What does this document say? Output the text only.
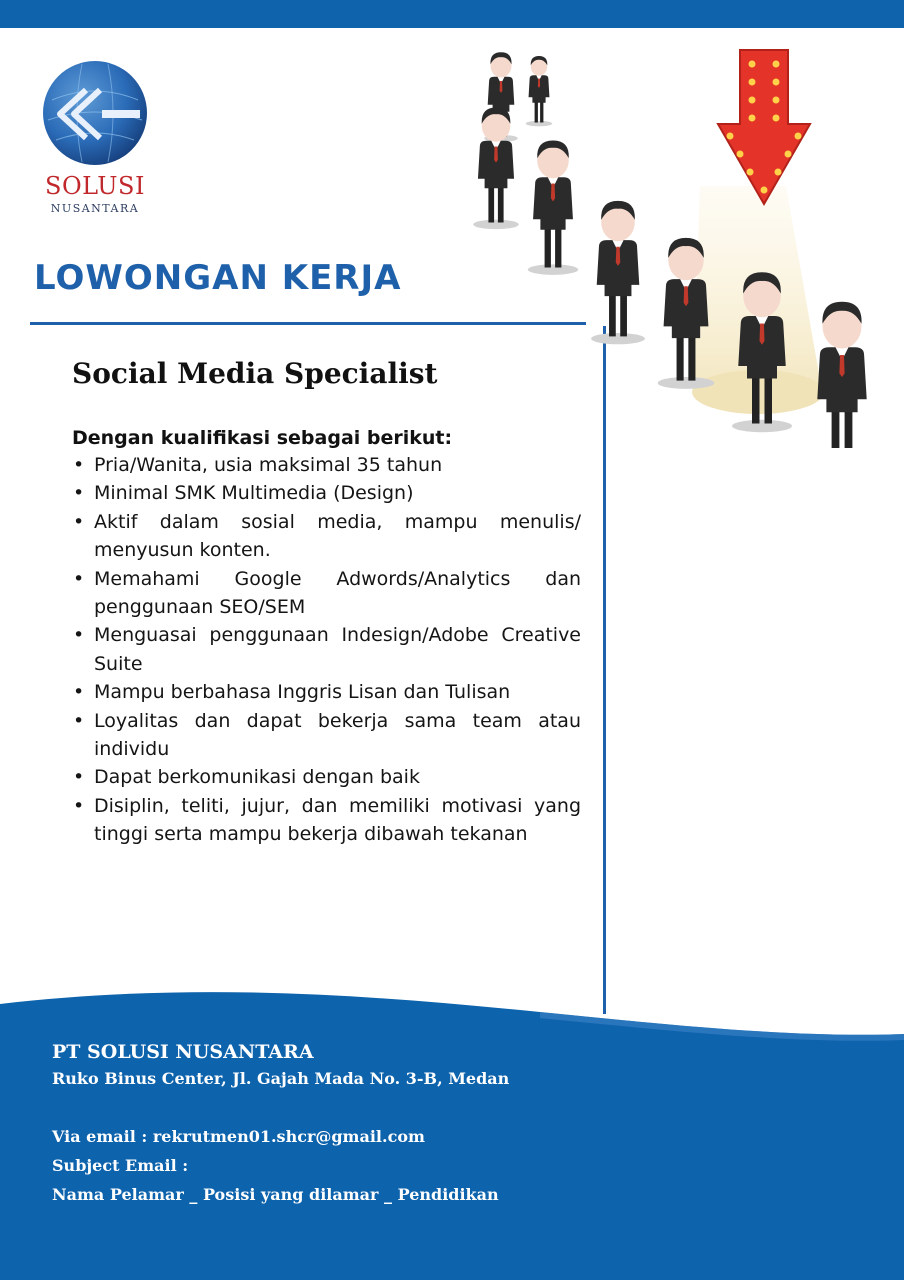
SOLUSI
NUSANTARA
LOWONGAN KERJA
Social Media Specialist
Dengan kualifikasi sebagai berikut:
• Pria/Wanita, usia maksimal 35 tahun
• Minimal SMK Multimedia (Design)
• Aktif dalam sosial media, mampu menulis/ menyusun konten.
• Memahami Google Adwords/Analytics dan penggunaan SEO/SEM
• Menguasai penggunaan Indesign/Adobe Creative Suite
• Mampu berbahasa Inggris Lisan dan Tulisan
• Loyalitas dan dapat bekerja sama team atau individu
• Dapat berkomunikasi dengan baik
• Disiplin, teliti, jujur, dan memiliki motivasi yang tinggi serta mampu bekerja dibawah tekanan

PT SOLUSI NUSANTARA

Ruko Binus Center, Jl. Gajah Mada No. 3-B, Medan

Via email : rekrutmen01.shcr@gmail.com

Subject Email :

Nama Pelamar _ Posisi yang dilamar _ Pendidikan
